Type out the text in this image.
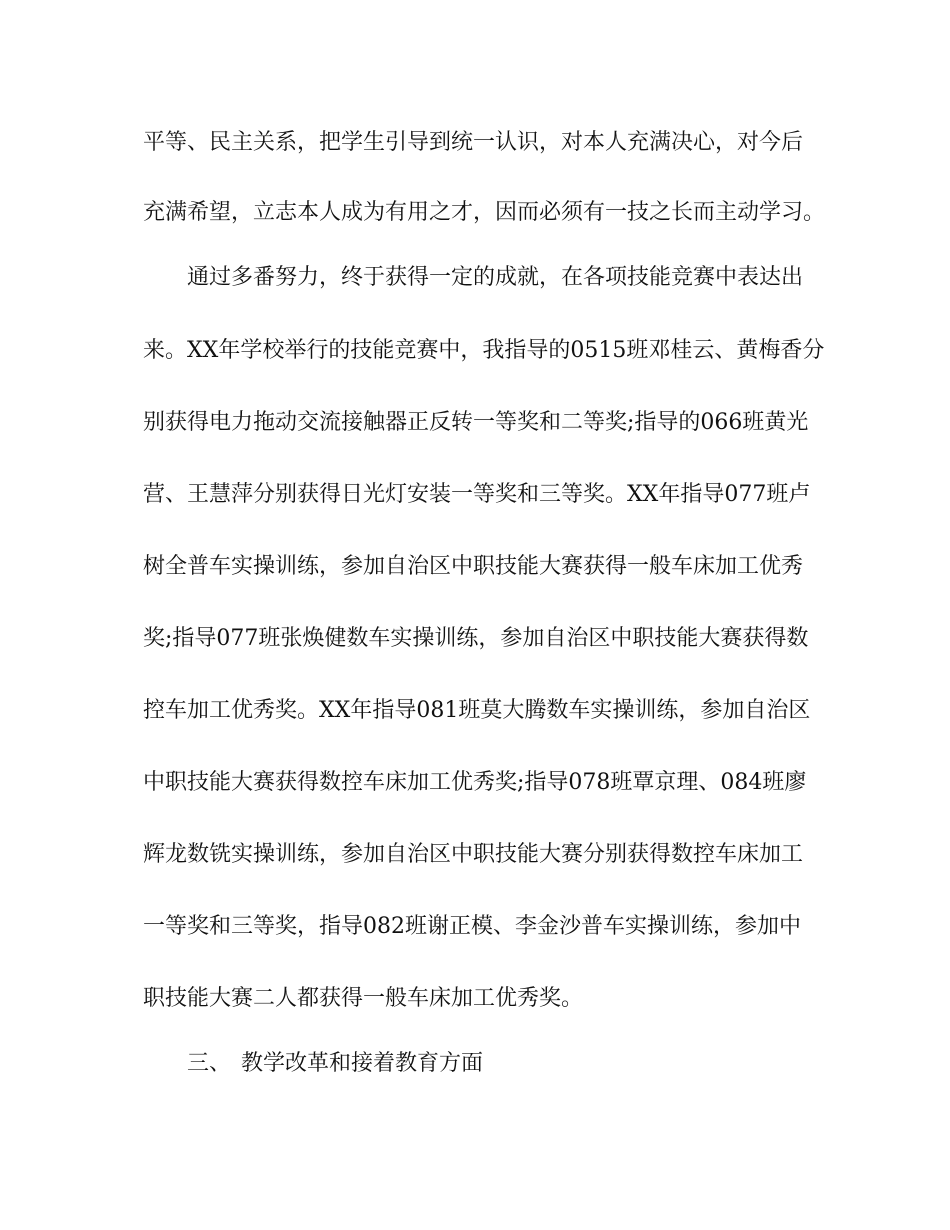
平等、民主关系，把学生引导到统一认识，对本人充满决心，对今后
充满希望，立志本人成为有用之才，因而必须有一技之长而主动学习。
通过多番努力，终于获得一定的成就，在各项技能竞赛中表达出
来。XX年学校举行的技能竞赛中，我指导的0515班邓桂云、黄梅香分
别获得电力拖动交流接触器正反转一等奖和二等奖;指导的066班黄光
营、王慧萍分别获得日光灯安装一等奖和三等奖。XX年指导077班卢
树全普车实操训练，参加自治区中职技能大赛获得一般车床加工优秀
奖;指导077班张焕健数车实操训练，参加自治区中职技能大赛获得数
控车加工优秀奖。XX年指导081班莫大腾数车实操训练，参加自治区
中职技能大赛获得数控车床加工优秀奖;指导078班覃京理、084班廖
辉龙数铣实操训练，参加自治区中职技能大赛分别获得数控车床加工
一等奖和三等奖，指导082班谢正模、李金沙普车实操训练，参加中
职技能大赛二人都获得一般车床加工优秀奖。
三、 教学改革和接着教育方面
